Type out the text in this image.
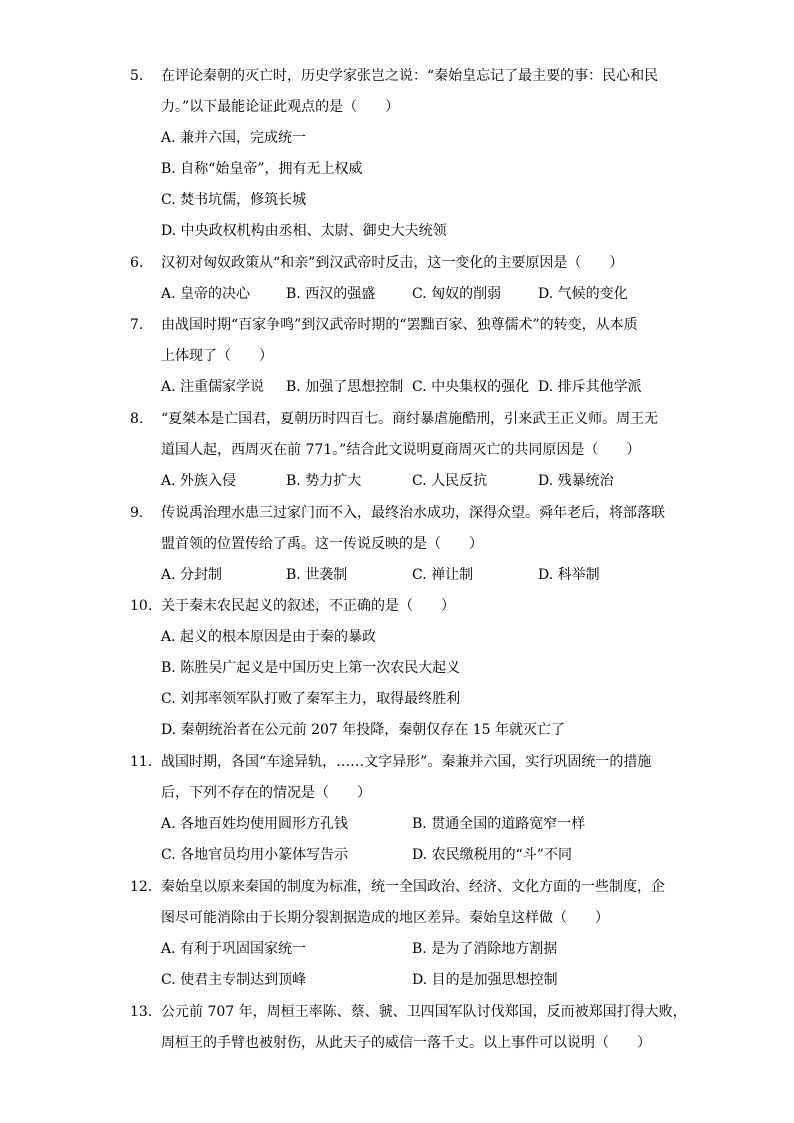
5. 在评论秦朝的灭亡时，历史学家张岂之说：“秦始皇忘记了最主要的事：民心和民
力。”以下最能论证此观点的是（　　）
A. 兼并六国，完成统一
B. 自称“始皇帝”，拥有无上权威
C. 焚书坑儒，修筑长城
D. 中央政权机构由丞相、太尉、御史大夫统领
6. 汉初对匈奴政策从“和亲”到汉武帝时反击，这一变化的主要原因是（　　）
A. 皇帝的决心	B. 西汉的强盛	C. 匈奴的削弱	D. 气候的变化
7. 由战国时期“百家争鸣”到汉武帝时期的“罢黜百家、独尊儒术”的转变，从本质
上体现了（　　）
A. 注重儒家学说 B. 加强了思想控制 C. 中央集权的强化 D. 排斥其他学派
8. “夏桀本是亡国君，夏朝历时四百七。商纣暴虐施酷刑，引来武王正义师。周王无
道国人起，西周灭在前 771。”结合此文说明夏商周灭亡的共同原因是（　　）
A. 外族入侵	B. 势力扩大	C. 人民反抗	D. 残暴统治
9. 传说禹治理水患三过家门而不入，最终治水成功，深得众望。舜年老后，将部落联
盟首领的位置传给了禹。这一传说反映的是（　　）
A. 分封制	B. 世袭制	C. 禅让制	D. 科举制
10. 关于秦末农民起义的叙述，不正确的是（　　）
A. 起义的根本原因是由于秦的暴政
B. 陈胜吴广起义是中国历史上第一次农民大起义
C. 刘邦率领军队打败了秦军主力，取得最终胜利
D. 秦朝统治者在公元前 207 年投降，秦朝仅存在 15 年就灭亡了
11. 战国时期，各国“车途异轨，……文字异形”。秦兼并六国，实行巩固统一的措施
后，下列不存在的情况是（　　）
A. 各地百姓均使用圆形方孔钱	B. 贯通全国的道路宽窄一样
C. 各地官员均用小篆体写告示	D. 农民缴税用的“斗”不同
12. 秦始皇以原来秦国的制度为标准，统一全国政治、经济、文化方面的一些制度，企
图尽可能消除由于长期分裂割据造成的地区差异。秦始皇这样做（　　）
A. 有利于巩固国家统一	B. 是为了消除地方割据
C. 使君主专制达到顶峰	D. 目的是加强思想控制
13. 公元前 707 年，周桓王率陈、蔡、虢、卫四国军队讨伐郑国，反而被郑国打得大败，
周桓王的手臂也被射伤，从此天子的威信一落千丈。以上事件可以说明（　　）
